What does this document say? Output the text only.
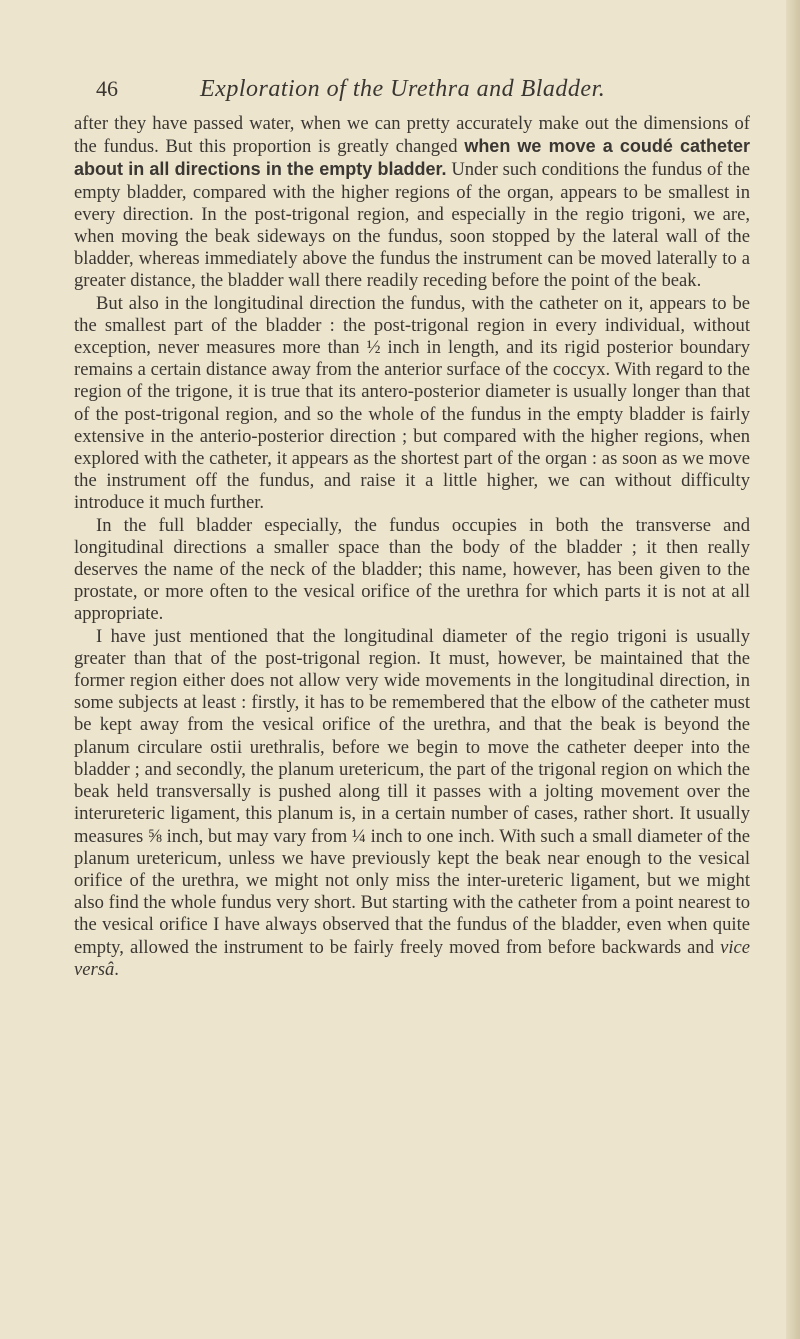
46	Exploration of the Urethra and Bladder.

after they have passed water, when we can pretty accurately make out the dimensions of the fundus. But this proportion is greatly changed when we move a coudé catheter about in all directions in the empty bladder. Under such conditions the fundus of the empty bladder, compared with the higher regions of the organ, appears to be smallest in every direction. In the post-trigonal region, and especially in the regio trigoni, we are, when moving the beak sideways on the fundus, soon stopped by the lateral wall of the bladder, whereas immediately above the fundus the instrument can be moved laterally to a greater distance, the bladder wall there readily receding before the point of the beak.

But also in the longitudinal direction the fundus, with the catheter on it, appears to be the smallest part of the bladder : the post-trigonal region in every individual, without exception, never measures more than ½ inch in length, and its rigid posterior boundary remains a certain distance away from the anterior surface of the coccyx. With regard to the region of the trigone, it is true that its antero-posterior diameter is usually longer than that of the post-trigonal region, and so the whole of the fundus in the empty bladder is fairly extensive in the anterio-posterior direction ; but compared with the higher regions, when explored with the catheter, it appears as the shortest part of the organ : as soon as we move the instrument off the fundus, and raise it a little higher, we can without difficulty introduce it much further.

In the full bladder especially, the fundus occupies in both the transverse and longitudinal directions a smaller space than the body of the bladder ; it then really deserves the name of the neck of the bladder; this name, however, has been given to the prostate, or more often to the vesical orifice of the urethra for which parts it is not at all appropriate.

I have just mentioned that the longitudinal diameter of the regio trigoni is usually greater than that of the post-trigonal region. It must, however, be maintained that the former region either does not allow very wide movements in the longitudinal direction, in some subjects at least : firstly, it has to be remembered that the elbow of the catheter must be kept away from the vesical orifice of the urethra, and that the beak is beyond the planum circulare ostii urethralis, before we begin to move the catheter deeper into the bladder ; and secondly, the planum uretericum, the part of the trigonal region on which the beak held transversally is pushed along till it passes with a jolting movement over the interureteric ligament, this planum is, in a certain number of cases, rather short. It usually measures ⅝ inch, but may vary from ¼ inch to one inch. With such a small diameter of the planum uretericum, unless we have previously kept the beak near enough to the vesical orifice of the urethra, we might not only miss the inter-ureteric ligament, but we might also find the whole fundus very short. But starting with the catheter from a point nearest to the vesical orifice I have always observed that the fundus of the bladder, even when quite empty, allowed the instrument to be fairly freely moved from before backwards and vice versâ.
